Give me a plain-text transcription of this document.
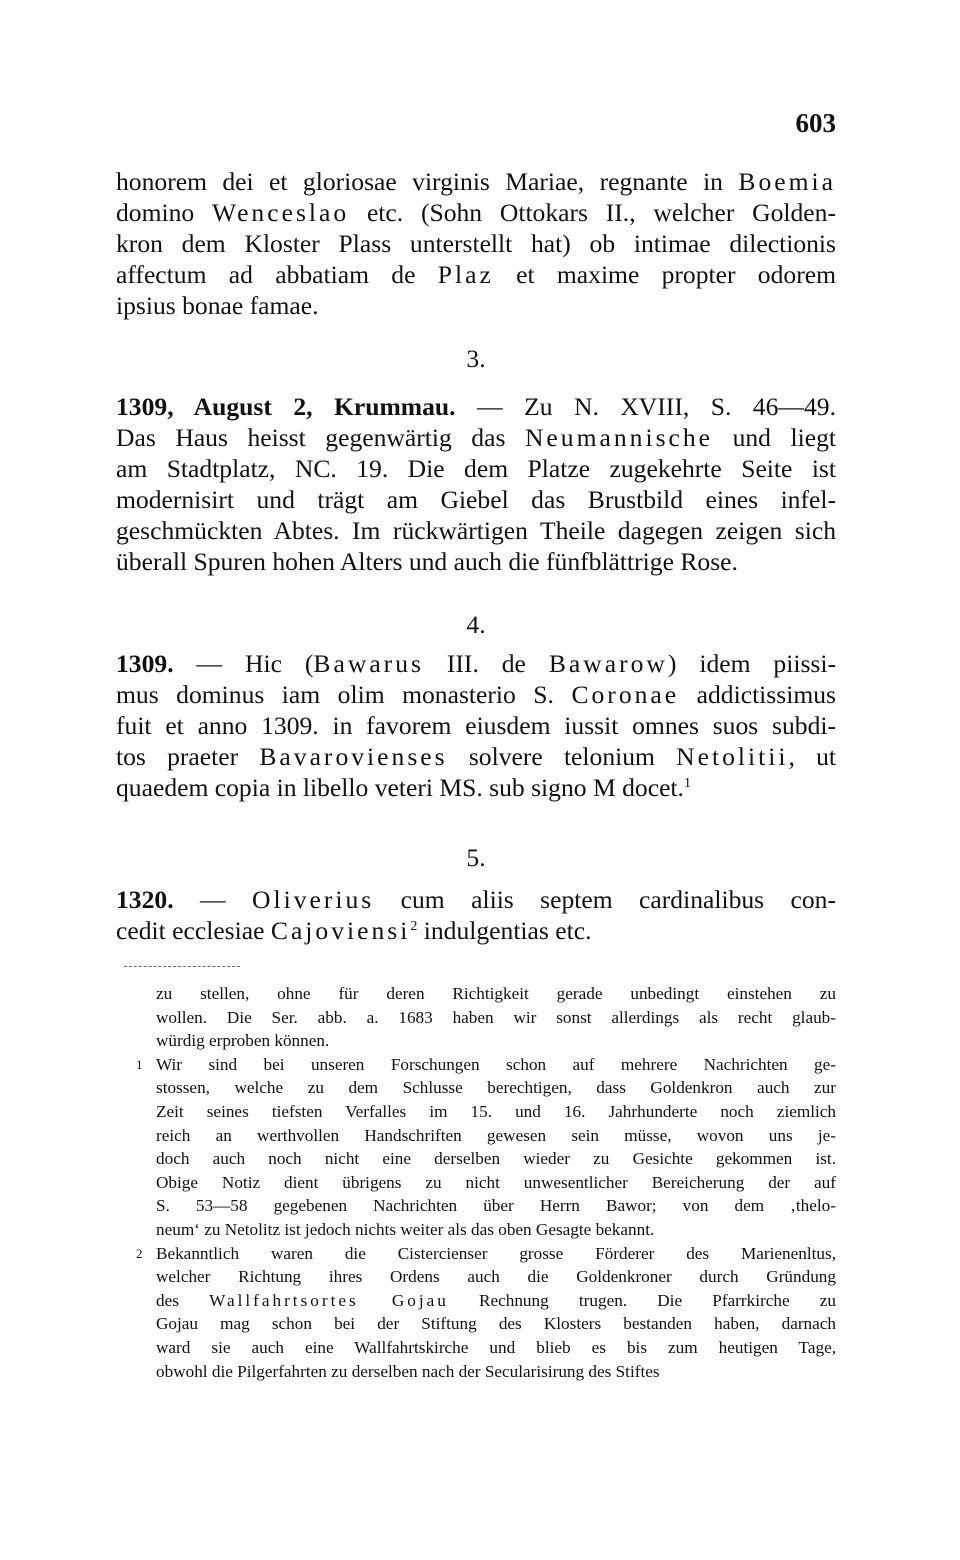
603
honorem dei et gloriosae virginis Mariae, regnante in Boemia
domino Wenceslao etc. (Sohn Ottokars II., welcher Golden-
kron dem Kloster Plass unterstellt hat) ob intimae dilectionis
affectum ad abbatiam de Plaz et maxime propter odorem
ipsius bonae famae.
3.
1309, August 2, Krummau. — Zu N. XVIII, S. 46—49.
Das Haus heisst gegenwärtig das Neumannische und liegt
am Stadtplatz, NC. 19. Die dem Platze zugekehrte Seite ist
modernisirt und trägt am Giebel das Brustbild eines infel-
geschmückten Abtes. Im rückwärtigen Theile dagegen zeigen sich
überall Spuren hohen Alters und auch die fünfblättrige Rose.
4.
1309. — Hic (Bawarus III. de Bawarow) idem piissi-
mus dominus iam olim monasterio S. Coronae addictissimus
fuit et anno 1309. in favorem eiusdem iussit omnes suos subdi-
tos praeter Bavarovienses solvere telonium Netolitii, ut
quaedem copia in libello veteri MS. sub signo M docet.$^1$
5.
1320. — Oliverius cum aliis septem cardinalibus con-
cedit ecclesiae Cajoviensi$^2$ indulgentias etc.
zu stellen, ohne für deren Richtigkeit gerade unbedingt einstehen zu
wollen. Die Ser. abb. a. 1683 haben wir sonst allerdings als recht glaub-
würdig erproben können.
1 Wir sind bei unseren Forschungen schon auf mehrere Nachrichten ge-
stossen, welche zu dem Schlusse berechtigen, dass Goldenkron auch zur
Zeit seines tiefsten Verfalles im 15. und 16. Jahrhunderte noch ziemlich
reich an werthvollen Handschriften gewesen sein müsse, wovon uns je-
doch auch noch nicht eine derselben wieder zu Gesichte gekommen ist.
Obige Notiz dient übrigens zu nicht unwesentlicher Bereicherung der auf
S. 53—58 gegebenen Nachrichten über Herrn Bawor; von dem ‚thelo-
neum‘ zu Netolitz ist jedoch nichts weiter als das oben Gesagte bekannt.
2 Bekanntlich waren die Cistercienser grosse Förderer des Marienenltus,
welcher Richtung ihres Ordens auch die Goldenkroner durch Gründung
des Wallfahrtsortes Gojau Rechnung trugen. Die Pfarrkirche zu
Gojau mag schon bei der Stiftung des Klosters bestanden haben, darnach
ward sie auch eine Wallfahrtskirche und blieb es bis zum heutigen Tage,
obwohl die Pilgerfahrten zu derselben nach der Secularisirung des Stiftes
